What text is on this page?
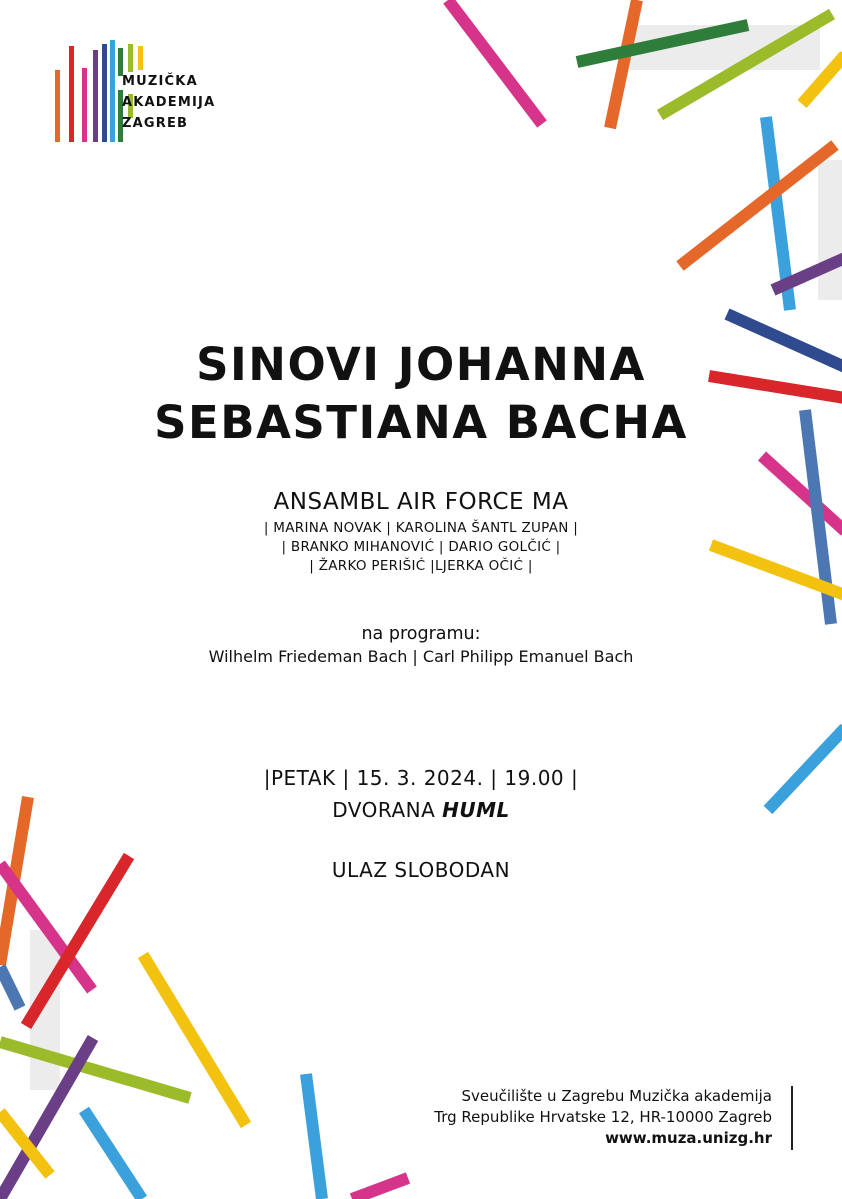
MUZIČKA
AKADEMIJA
ZAGREB
SINOVI JOHANNA
SEBASTIANA BACHA
ANSAMBL AIR FORCE MA
| MARINA NOVAK | KAROLINA ŠANTL ZUPAN |
| BRANKO MIHANOVIĆ | DARIO GOLČIĆ |
| ŽARKO PERIŠIĆ |LJERKA OČIĆ |
na programu:
Wilhelm Friedeman Bach | Carl Philipp Emanuel Bach
|PETAK | 15. 3. 2024. | 19.00 |
DVORANA HUML
ULAZ SLOBODAN
Sveučilište u Zagrebu Muzička akademija
Trg Republike Hrvatske 12, HR-10000 Zagreb
www.muza.unizg.hr
